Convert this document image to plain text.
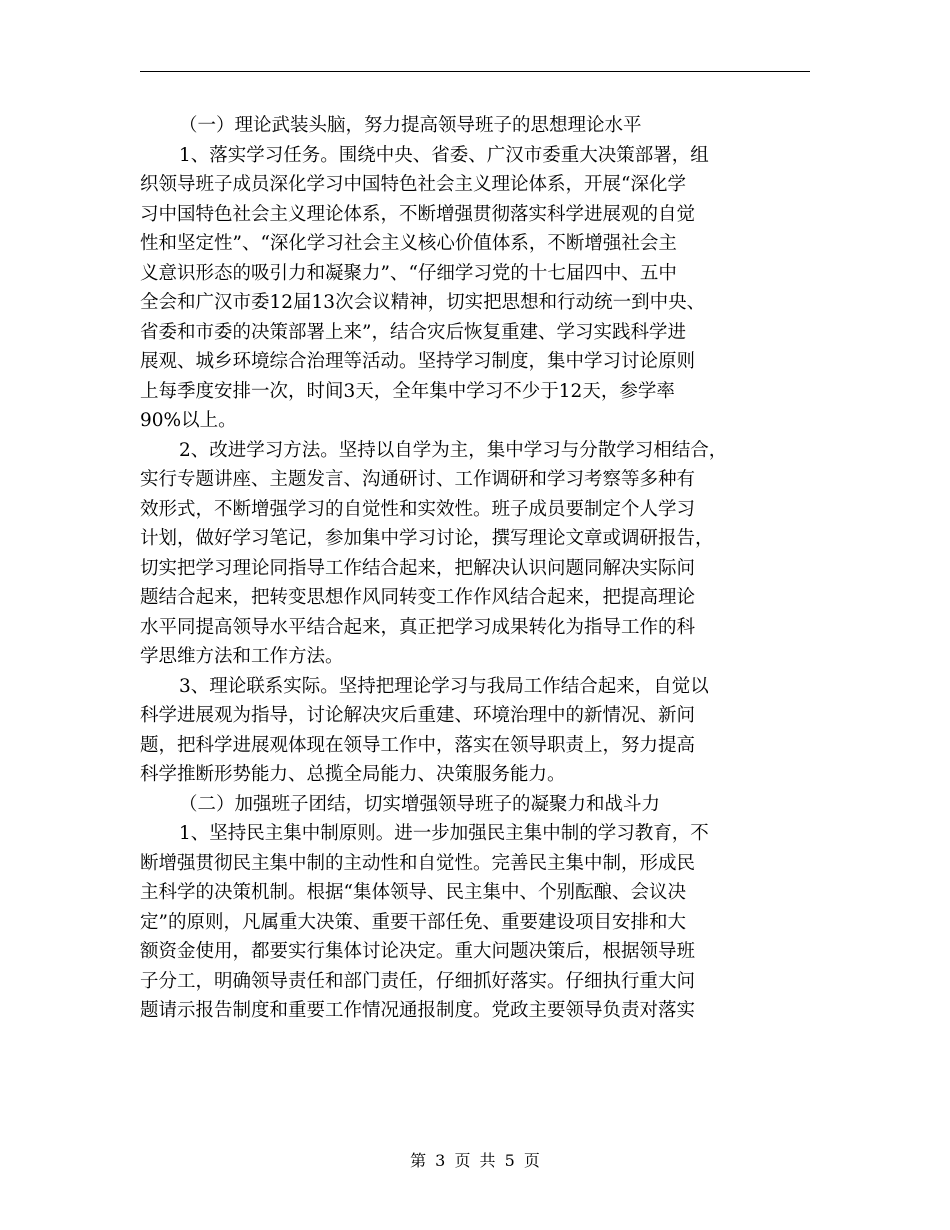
（一）理论武装头脑，努力提高领导班子的思想理论水平

1、落实学习任务。围绕中央、省委、广汉市委重大决策部署，组

织领导班子成员深化学习中国特色社会主义理论体系，开展“深化学

习中国特色社会主义理论体系，不断增强贯彻落实科学进展观的自觉

性和坚定性”、“深化学习社会主义核心价值体系，不断增强社会主

义意识形态的吸引力和凝聚力”、“仔细学习党的十七届四中、五中

全会和广汉市委12届13次会议精神，切实把思想和行动统一到中央、

省委和市委的决策部署上来”，结合灾后恢复重建、学习实践科学进

展观、城乡环境综合治理等活动。坚持学习制度，集中学习讨论原则

上每季度安排一次，时间3天，全年集中学习不少于12天，参学率

90%以上。

2、改进学习方法。坚持以自学为主，集中学习与分散学习相结合，

实行专题讲座、主题发言、沟通研讨、工作调研和学习考察等多种有

效形式，不断增强学习的自觉性和实效性。班子成员要制定个人学习

计划，做好学习笔记，参加集中学习讨论，撰写理论文章或调研报告，

切实把学习理论同指导工作结合起来，把解决认识问题同解决实际问

题结合起来，把转变思想作风同转变工作作风结合起来，把提高理论

水平同提高领导水平结合起来，真正把学习成果转化为指导工作的科

学思维方法和工作方法。

3、理论联系实际。坚持把理论学习与我局工作结合起来，自觉以

科学进展观为指导，讨论解决灾后重建、环境治理中的新情况、新问

题，把科学进展观体现在领导工作中，落实在领导职责上，努力提高

科学推断形势能力、总揽全局能力、决策服务能力。

（二）加强班子团结，切实增强领导班子的凝聚力和战斗力

1、坚持民主集中制原则。进一步加强民主集中制的学习教育，不

断增强贯彻民主集中制的主动性和自觉性。完善民主集中制，形成民

主科学的决策机制。根据“集体领导、民主集中、个别酝酿、会议决

定”的原则，凡属重大决策、重要干部任免、重要建设项目安排和大

额资金使用，都要实行集体讨论决定。重大问题决策后，根据领导班

子分工，明确领导责任和部门责任，仔细抓好落实。仔细执行重大问

题请示报告制度和重要工作情况通报制度。党政主要领导负责对落实

第 3 页 共 5 页
